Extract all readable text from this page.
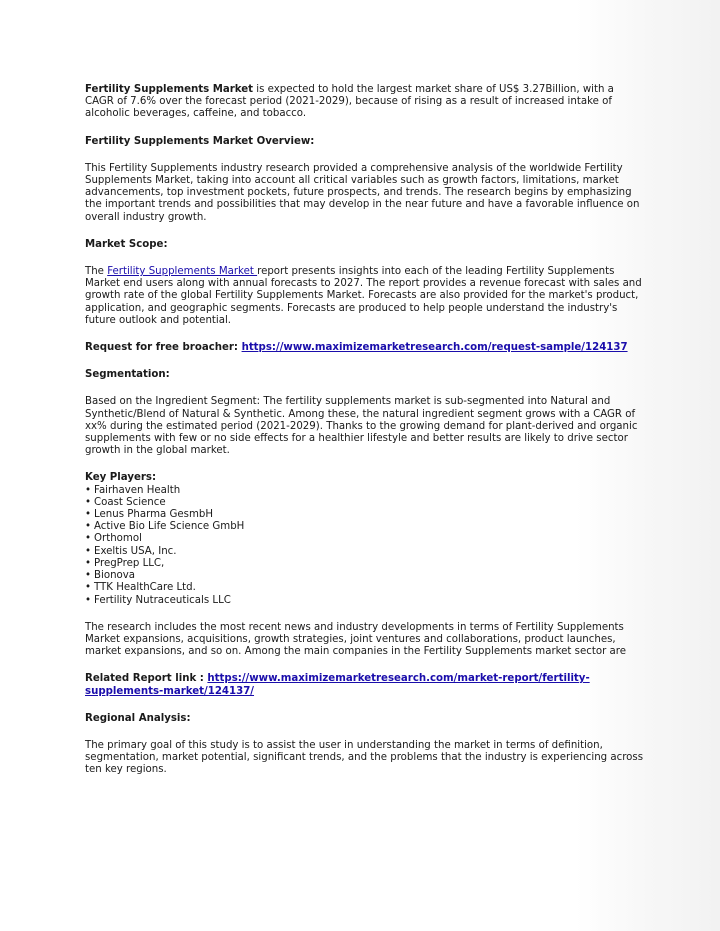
Fertility Supplements Market is expected to hold the largest market share of US$ 3.27Billion, with a CAGR of 7.6% over the forecast period (2021-2029), because of rising as a result of increased intake of alcoholic beverages, caffeine, and tobacco.

Fertility Supplements Market Overview:

This Fertility Supplements industry research provided a comprehensive analysis of the worldwide Fertility Supplements Market, taking into account all critical variables such as growth factors, limitations, market advancements, top investment pockets, future prospects, and trends. The research begins by emphasizing the important trends and possibilities that may develop in the near future and have a favorable influence on overall industry growth.

Market Scope:

The Fertility Supplements Market report presents insights into each of the leading Fertility Supplements Market end users along with annual forecasts to 2027. The report provides a revenue forecast with sales and growth rate of the global Fertility Supplements Market. Forecasts are also provided for the market's product, application, and geographic segments. Forecasts are produced to help people understand the industry's future outlook and potential.

Request for free broacher: https://www.maximizemarketresearch.com/request-sample/124137

Segmentation:

Based on the Ingredient Segment: The fertility supplements market is sub-segmented into Natural and Synthetic/Blend of Natural & Synthetic. Among these, the natural ingredient segment grows with a CAGR of xx% during the estimated period (2021-2029). Thanks to the growing demand for plant-derived and organic supplements with few or no side effects for a healthier lifestyle and better results are likely to drive sector growth in the global market.

Key Players:

• Fairhaven Health
• Coast Science
• Lenus Pharma GesmbH
• Active Bio Life Science GmbH
• Orthomol
• Exeltis USA, Inc.
• PregPrep LLC,
• Bionova
• TTK HealthCare Ltd.
• Fertility Nutraceuticals LLC

The research includes the most recent news and industry developments in terms of Fertility Supplements Market expansions, acquisitions, growth strategies, joint ventures and collaborations, product launches, market expansions, and so on. Among the main companies in the Fertility Supplements market sector are

Related Report link : https://www.maximizemarketresearch.com/market-report/fertility-supplements-market/124137/

Regional Analysis:

The primary goal of this study is to assist the user in understanding the market in terms of definition, segmentation, market potential, significant trends, and the problems that the industry is experiencing across ten key regions.
